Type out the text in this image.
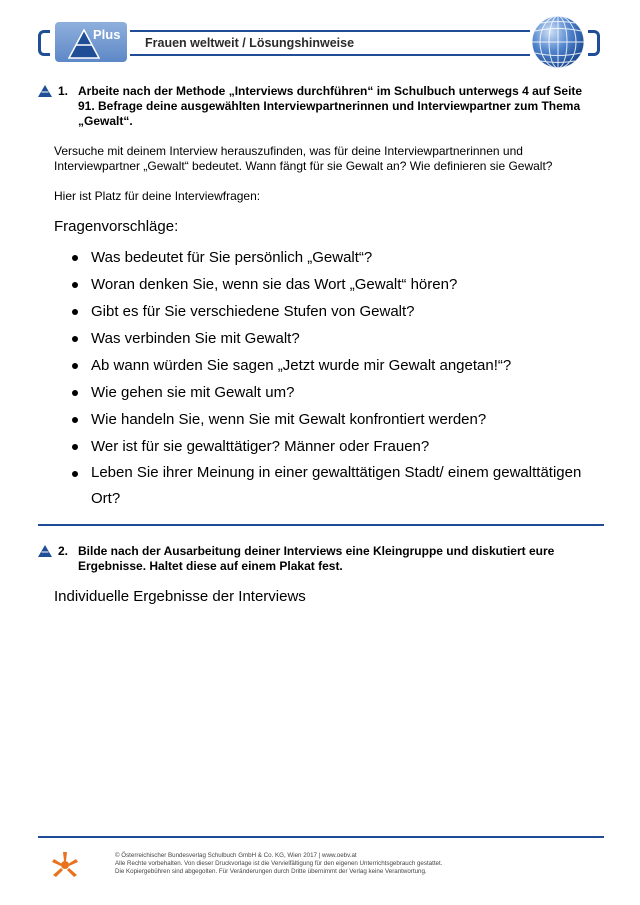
Plus
Frauen weltweit / Lösungshinweise
1. Arbeite nach der Methode „Interviews durchführen“ im Schulbuch unterwegs 4 auf Seite 91. Befrage deine ausgewählten Interviewpartnerinnen und Interviewpartner zum Thema „Gewalt“.
Versuche mit deinem Interview herauszufinden, was für deine Interviewpartnerinnen und Interviewpartner „Gewalt“ bedeutet. Wann fängt für sie Gewalt an? Wie definieren sie Gewalt?
Hier ist Platz für deine Interviewfragen:
Fragenvorschläge:
Was bedeutet für Sie persönlich „Gewalt“?
Woran denken Sie, wenn sie das Wort „Gewalt“ hören?
Gibt es für Sie verschiedene Stufen von Gewalt?
Was verbinden Sie mit Gewalt?
Ab wann würden Sie sagen „Jetzt wurde mir Gewalt angetan!“?
Wie gehen sie mit Gewalt um?
Wie handeln Sie, wenn Sie mit Gewalt konfrontiert werden?
Wer ist für sie gewalttätiger? Männer oder Frauen?
Leben Sie ihrer Meinung in einer gewalttätigen Stadt/ einem gewalttätigen Ort?
2. Bilde nach der Ausarbeitung deiner Interviews eine Kleingruppe und diskutiert eure Ergebnisse. Haltet diese auf einem Plakat fest.
Individuelle Ergebnisse der Interviews
© Österreichischer Bundesverlag Schulbuch GmbH & Co. KG, Wien 2017 | www.oebv.at
Alle Rechte vorbehalten. Von dieser Druckvorlage ist die Vervielfältigung für den eigenen Unterrichtsgebrauch gestattet.
Die Kopiergebühren sind abgegolten. Für Veränderungen durch Dritte übernimmt der Verlag keine Verantwortung.
